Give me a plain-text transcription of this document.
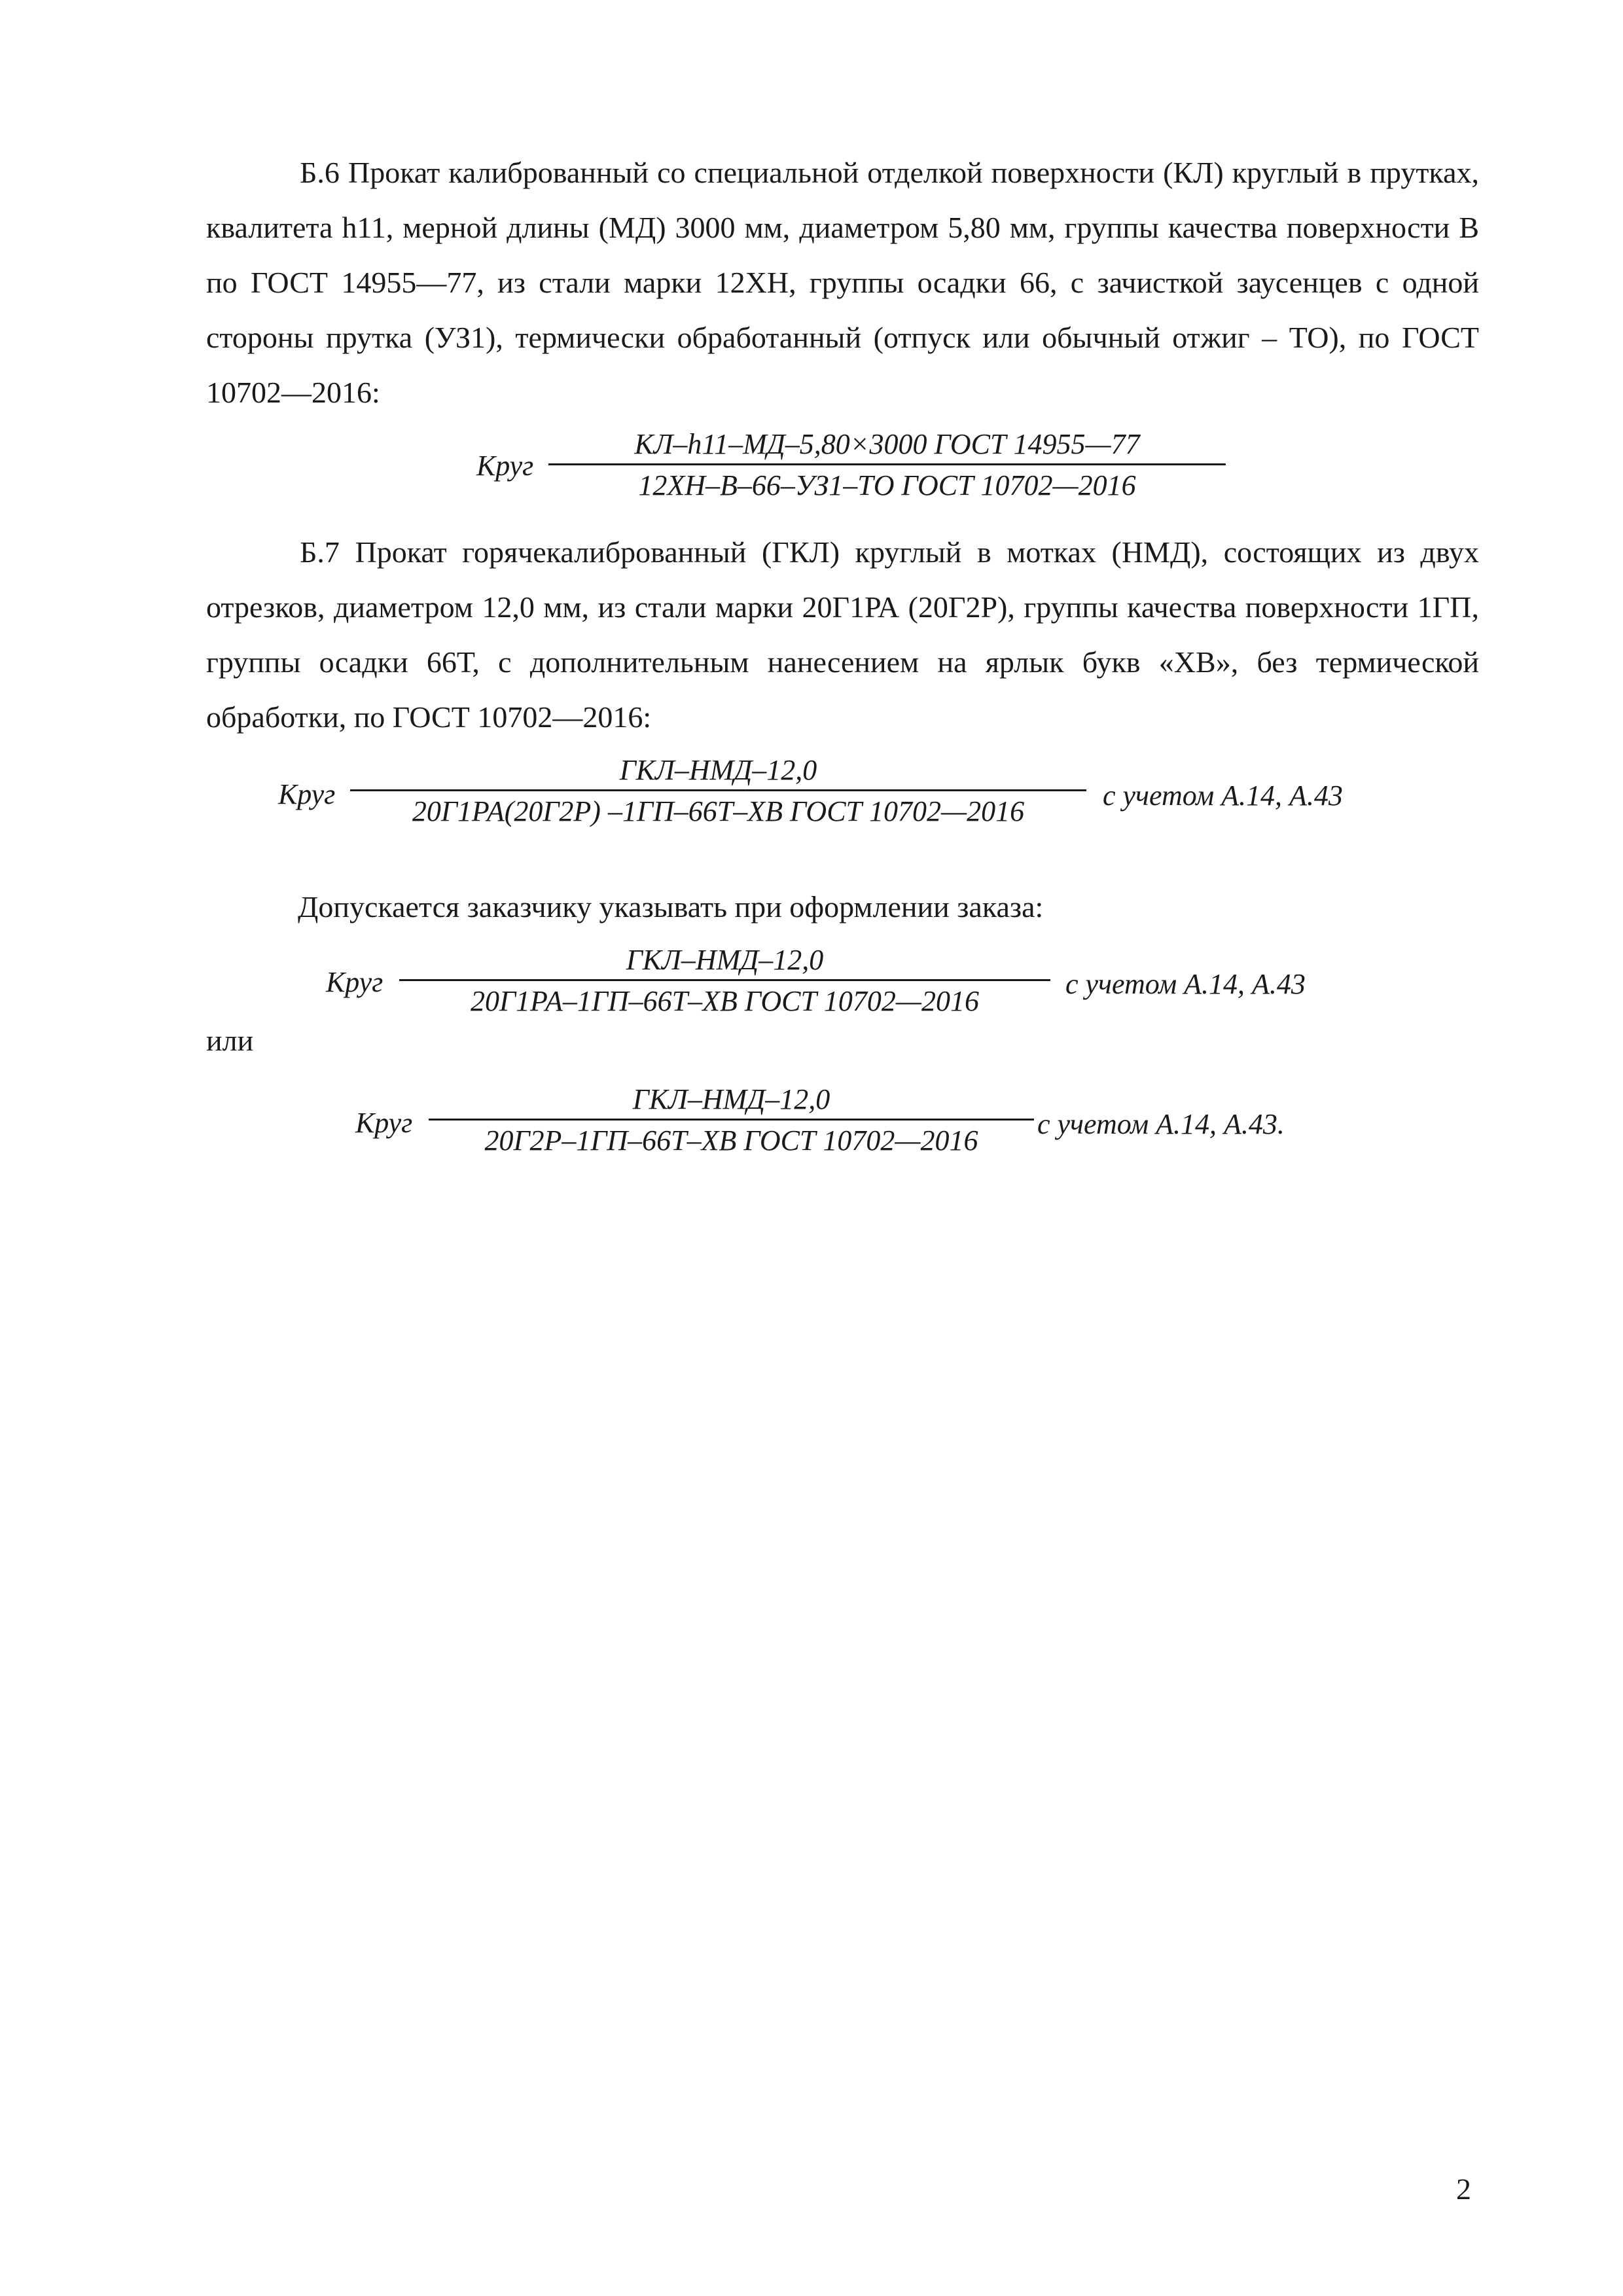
Б.6 Прокат калиброванный со специальной отделкой поверхности (КЛ) круглый в прутках, квалитета h11, мерной длины (МД) 3000 мм, диаметром 5,80 мм, группы качества поверхности В по ГОСТ 14955—77, из стали марки 12ХН, группы осадки 66, с зачисткой заусенцев с одной стороны прутка (УЗ1), термически обработанный (отпуск или обычный отжиг – ТО), по ГОСТ 10702—2016:

Круг
КЛ–h11–МД–5,80×3000 ГОСТ 14955—77
12ХН–В–66–УЗ1–ТО ГОСТ 10702—2016

Б.7 Прокат горячекалиброванный (ГКЛ) круглый в мотках (НМД), состоящих из двух отрезков, диаметром 12,0 мм, из стали марки 20Г1РА (20Г2Р), группы качества поверхности 1ГП, группы осадки 66Т, с дополнительным нанесением на ярлык букв «ХВ», без термической обработки, по ГОСТ 10702—2016:

Круг
ГКЛ–НМД–12,0
20Г1РА(20Г2Р) –1ГП–66Т–ХВ ГОСТ 10702—2016	с учетом А.14, А.43

Допускается заказчику указывать при оформлении заказа:

Круг
ГКЛ–НМД–12,0
20Г1РА–1ГП–66Т–ХВ ГОСТ 10702—2016
с учетом А.14, А.43

или

Круг
ГКЛ–НМД–12,0
20Г2Р–1ГП–66Т–ХВ ГОСТ 10702—2016
с учетом А.14, А.43.
2
